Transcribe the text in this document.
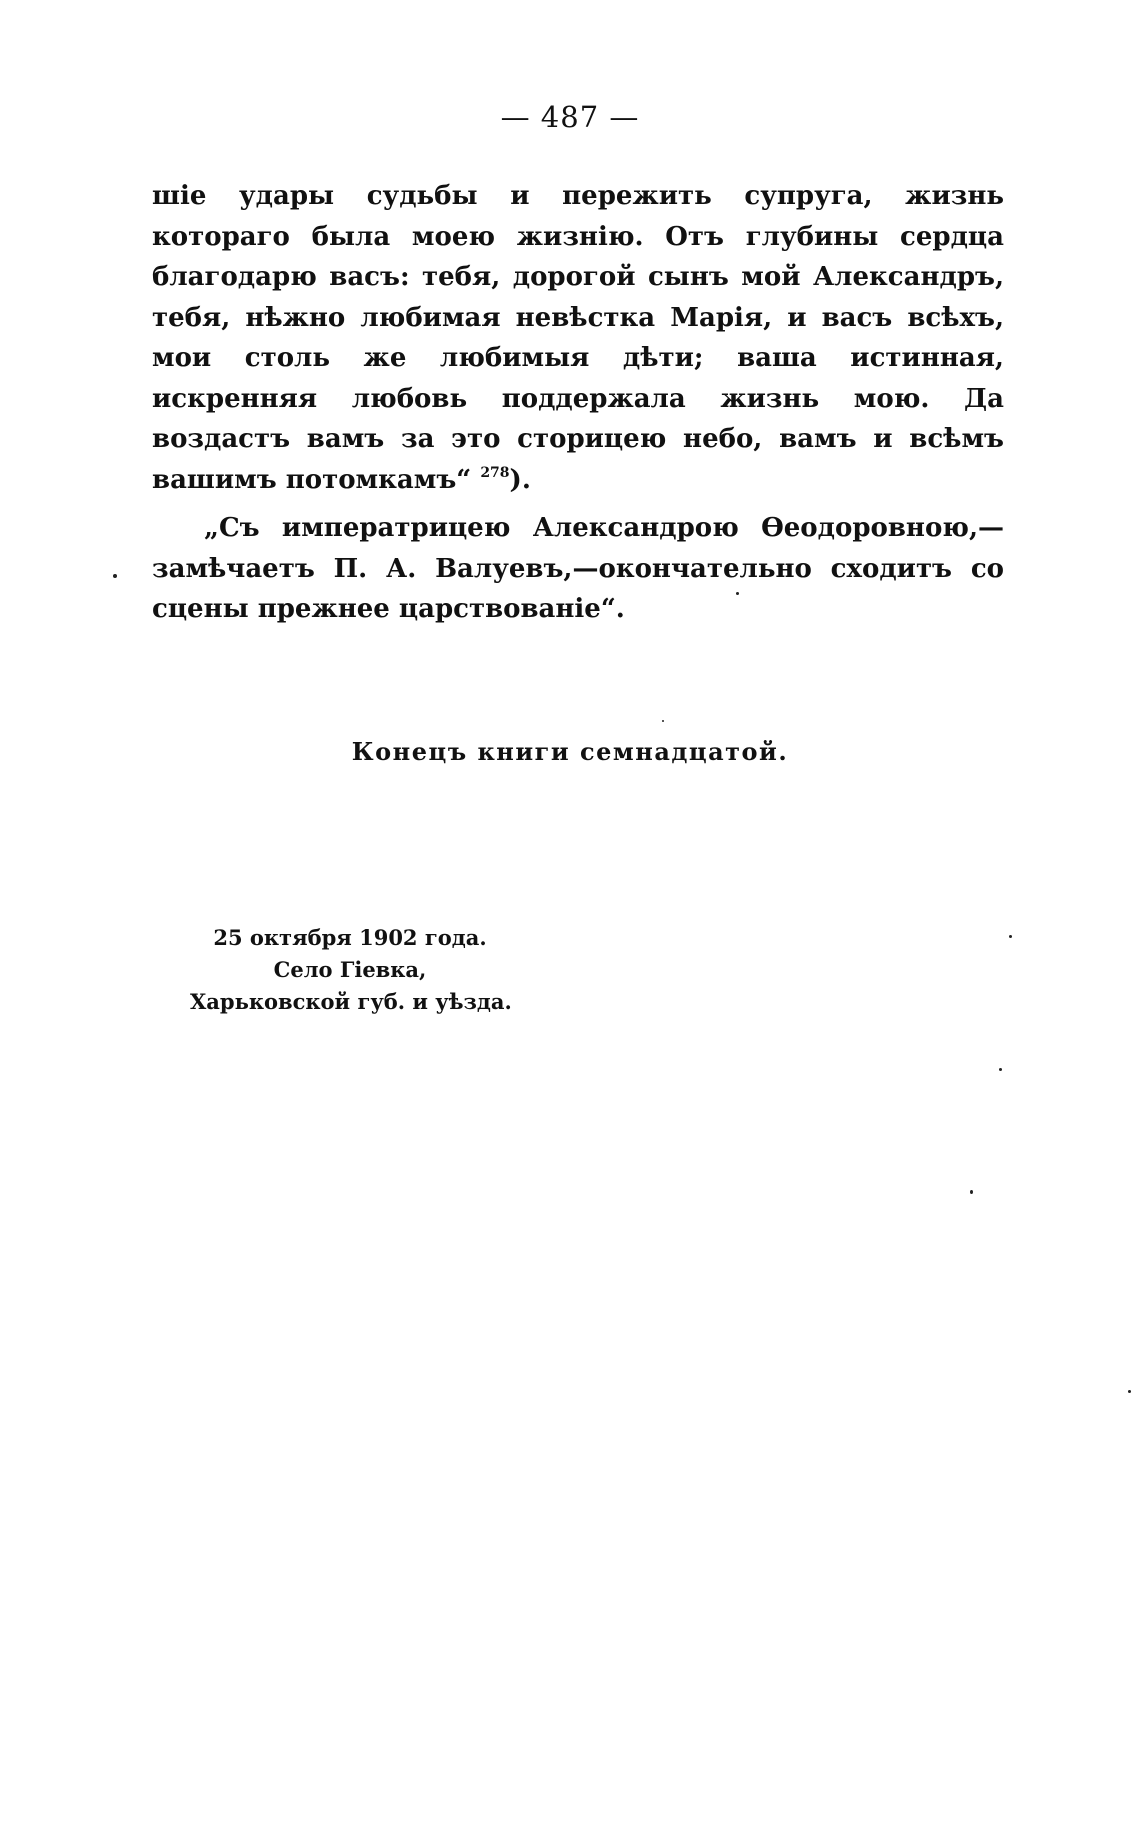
— 487 —

шіе удары судьбы и пережить супруга, жизнь котораго была моею жизнію. Отъ глубины сердца благодарю васъ: тебя, дорогой сынъ мой Александръ, тебя, нѣжно любимая невѣстка Марія, и васъ всѣхъ, мои столь же любимыя дѣти; ваша истинная, искренняя любовь поддержала жизнь мою. Да воздастъ вамъ за это сторицею небо, вамъ и всѣмъ вашимъ потомкамъ“ $^{278}$).

„Съ императрицею Александрою Ѳеодоровною,—замѣчаетъ П. А. Валуевъ,—окончательно сходитъ со сцены прежнее царствованіе“.

Конецъ книги семнадцатой.
25 октября 1902 года.
Село Гіевка,
Харьковской губ. и уѣзда.
